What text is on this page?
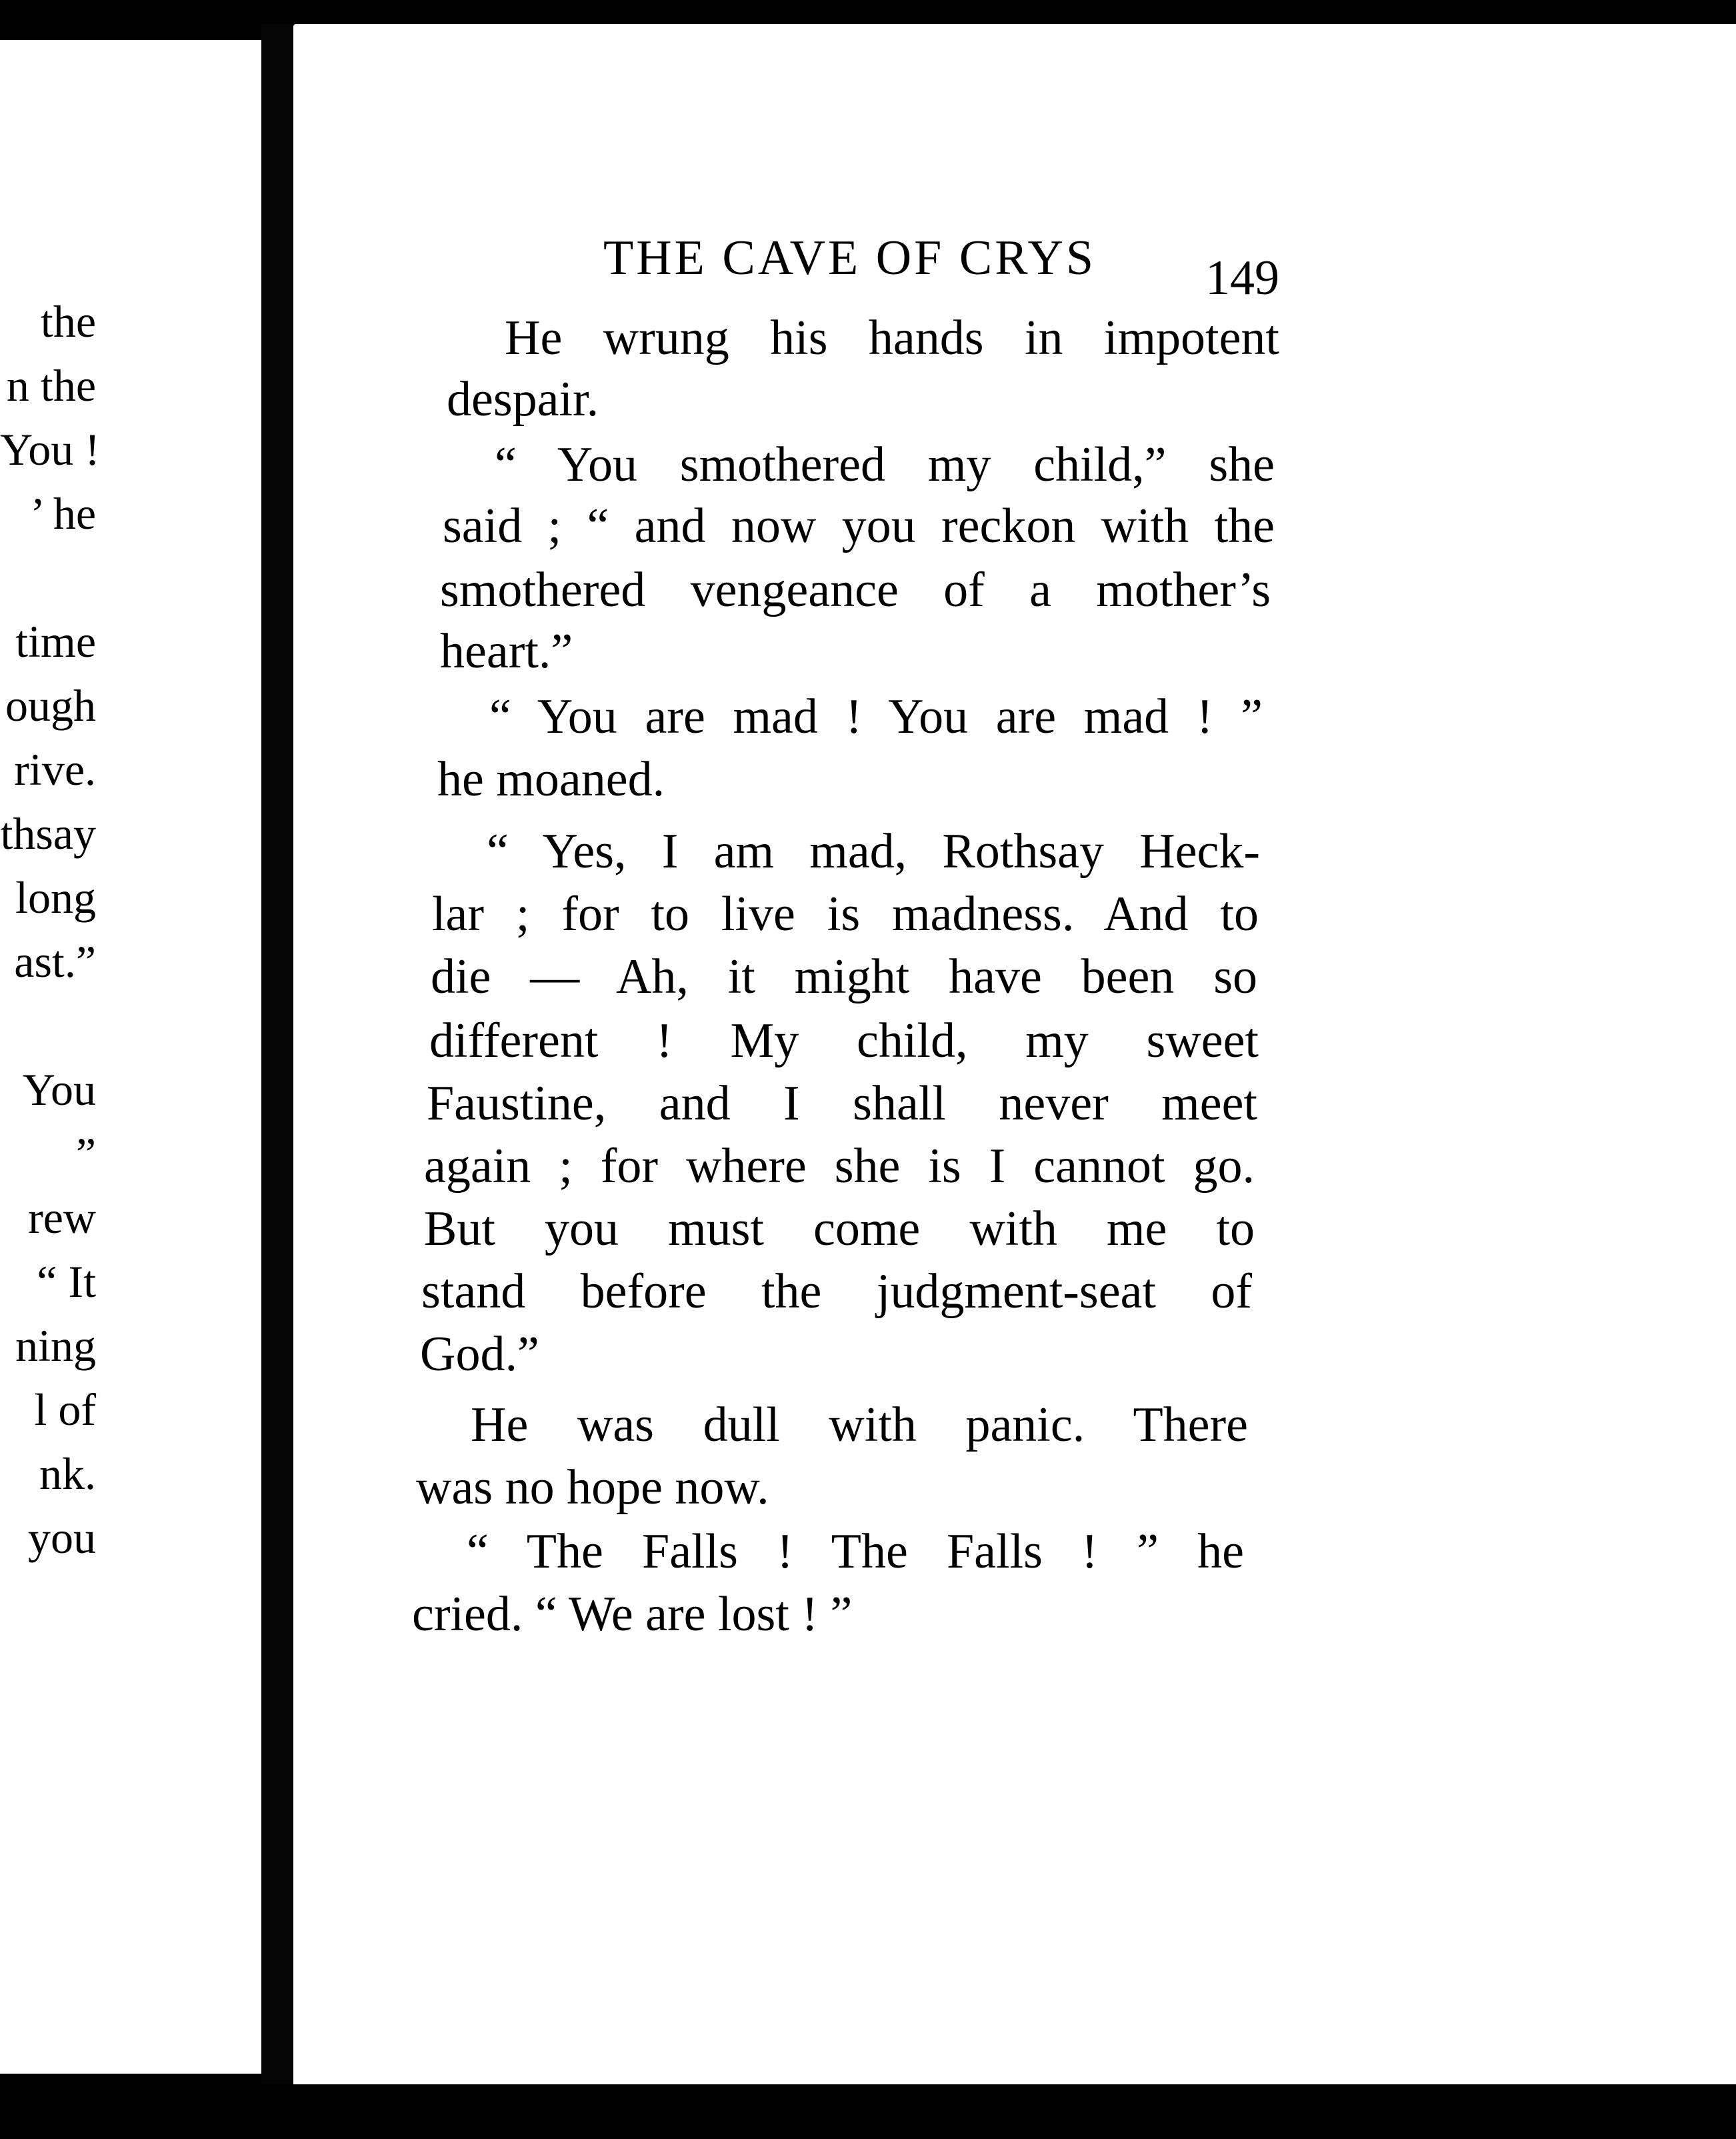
the
n the
You !
’ he
time
ough
rive.
thsay
long
ast.”
You
”
rew
“ It
ning
l of
nk.
you
THE CAVE OF CRYS 149
He wrung his hands in impotent
despair.
“ You smothered my child,” she
said ; “ and now you reckon with the
smothered vengeance of a mother’s
heart.”
“ You are mad ! You are mad ! ”
he moaned.
“ Yes, I am mad, Rothsay Heck-
lar ; for to live is madness. And to
die — Ah, it might have been so
different ! My child, my sweet
Faustine, and I shall never meet
again ; for where she is I cannot go.
But you must come with me to
stand before the judgment-seat of
God.”
He was dull with panic. There
was no hope now.
“ The Falls ! The Falls ! ” he
cried. “ We are lost ! ”
